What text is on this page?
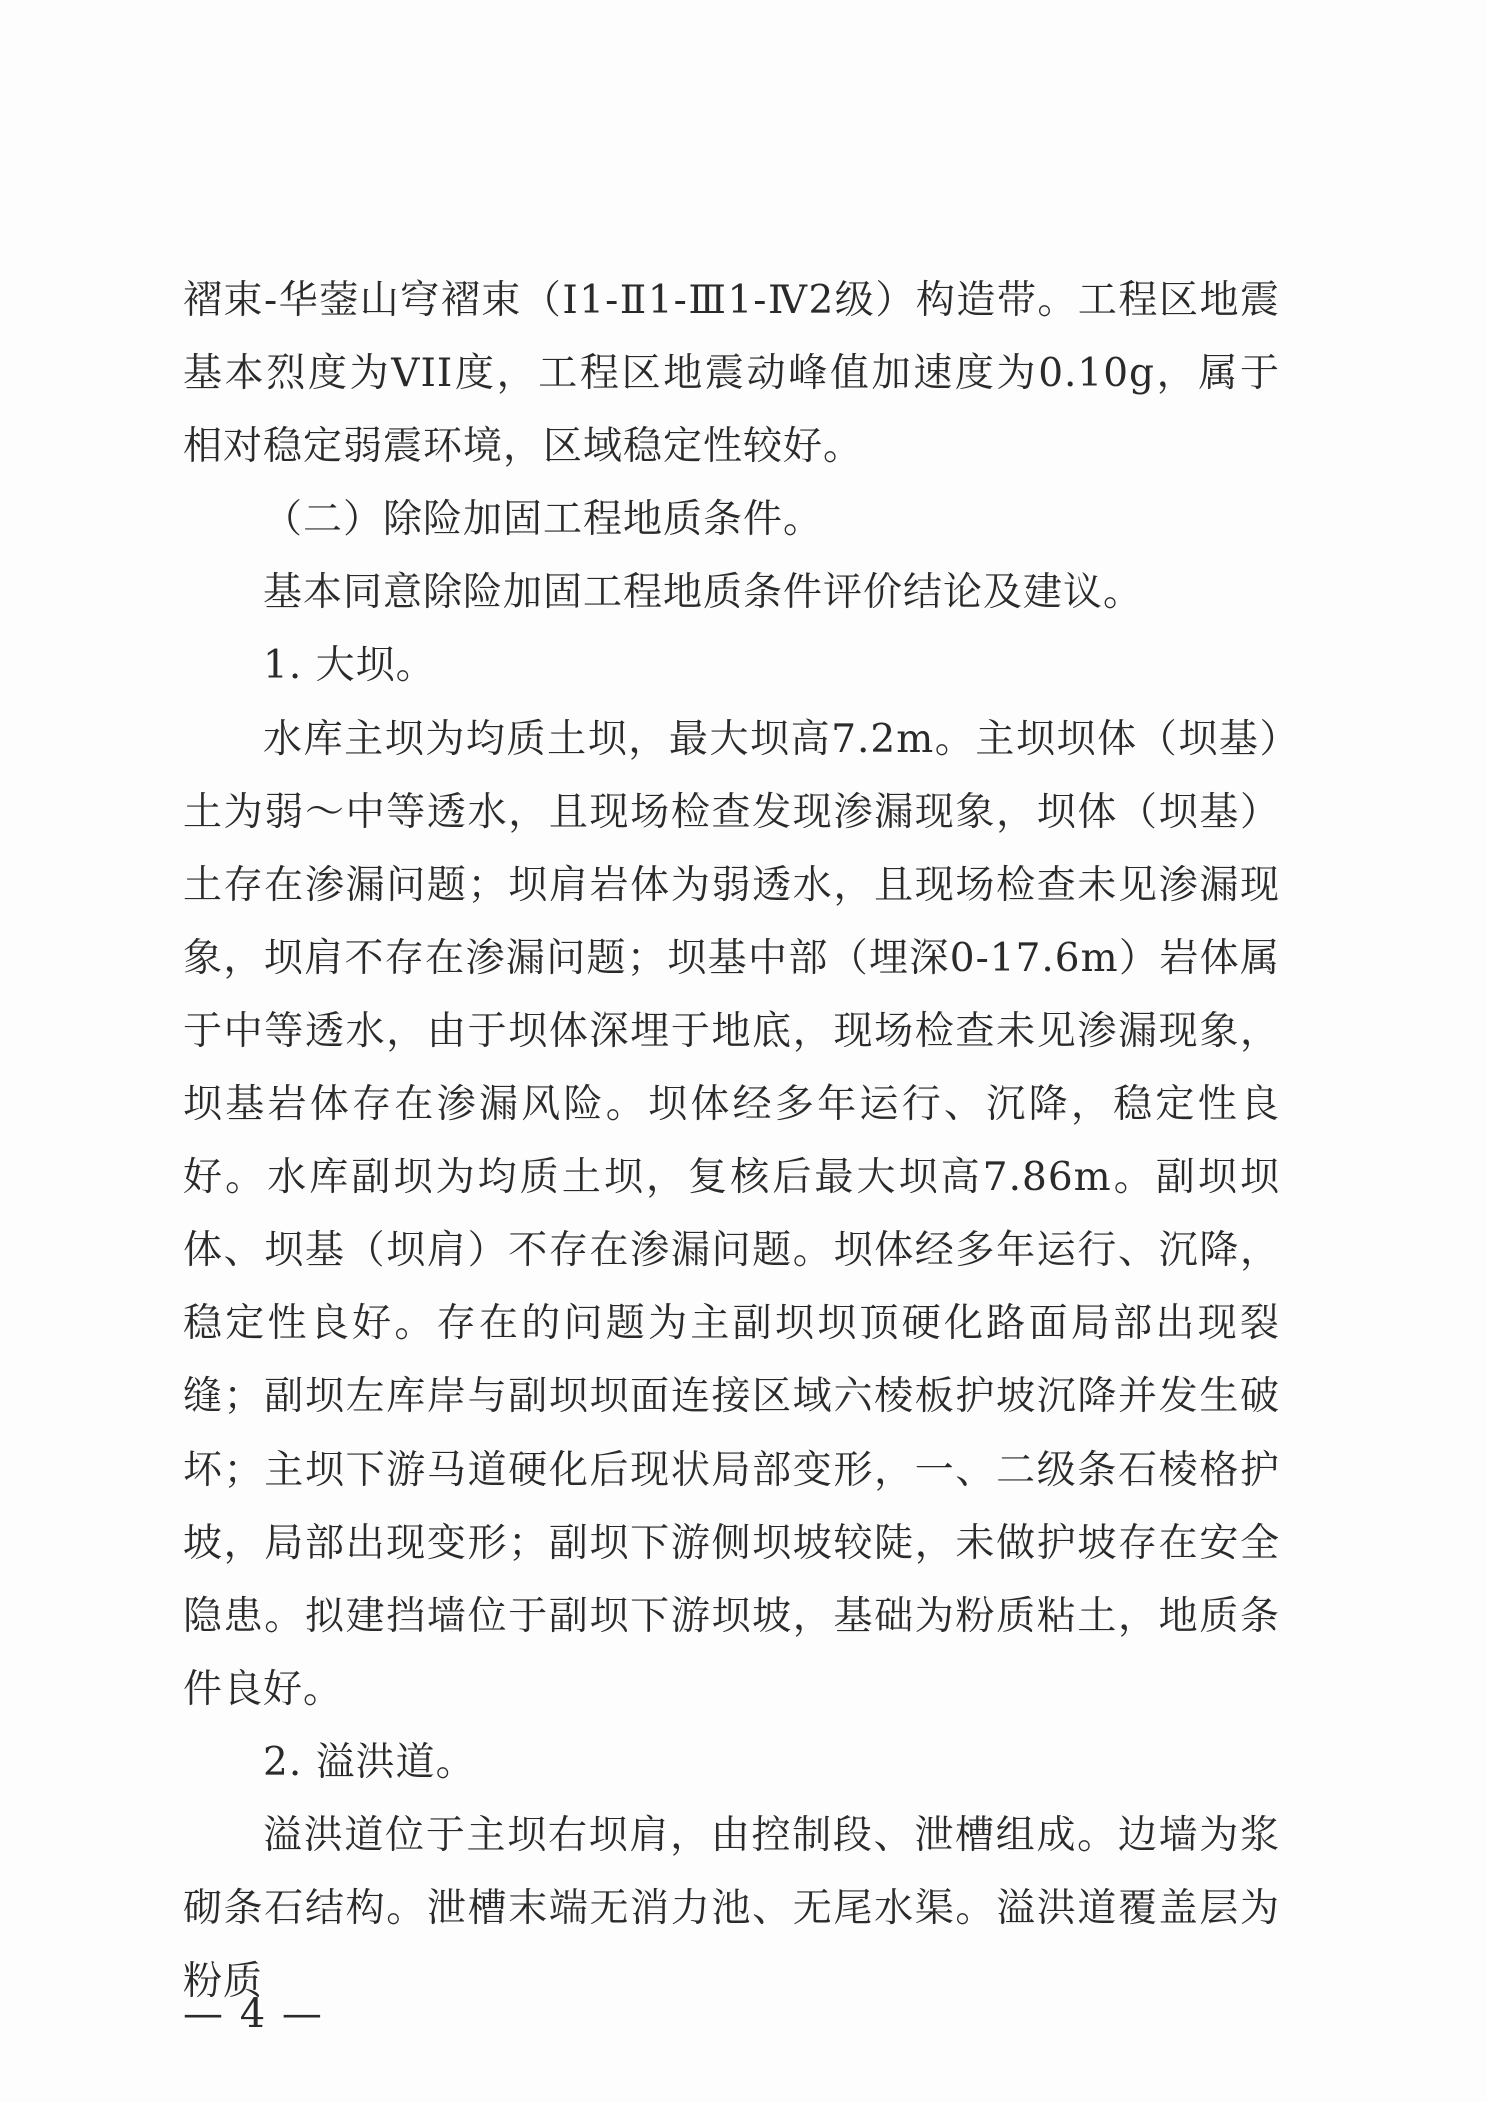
褶束-华蓥山穹褶束（Ⅰ1-Ⅱ1-Ⅲ1-Ⅳ2级）构造带。工程区地震基本烈度为VII度，工程区地震动峰值加速度为0.10g，属于相对稳定弱震环境，区域稳定性较好。

（二）除险加固工程地质条件。

基本同意除险加固工程地质条件评价结论及建议。

1. 大坝。

水库主坝为均质土坝，最大坝高7.2m。主坝坝体（坝基）土为弱～中等透水，且现场检查发现渗漏现象，坝体（坝基）土存在渗漏问题；坝肩岩体为弱透水，且现场检查未见渗漏现象，坝肩不存在渗漏问题；坝基中部（埋深0-17.6m）岩体属于中等透水，由于坝体深埋于地底，现场检查未见渗漏现象，坝基岩体存在渗漏风险。坝体经多年运行、沉降，稳定性良好。水库副坝为均质土坝，复核后最大坝高7.86m。副坝坝体、坝基（坝肩）不存在渗漏问题。坝体经多年运行、沉降，稳定性良好。存在的问题为主副坝坝顶硬化路面局部出现裂缝；副坝左库岸与副坝坝面连接区域六棱板护坡沉降并发生破坏；主坝下游马道硬化后现状局部变形，一、二级条石棱格护坡，局部出现变形；副坝下游侧坝坡较陡，未做护坡存在安全隐患。拟建挡墙位于副坝下游坝坡，基础为粉质粘土，地质条件良好。

2. 溢洪道。

溢洪道位于主坝右坝肩，由控制段、泄槽组成。边墙为浆砌条石结构。泄槽末端无消力池、无尾水渠。溢洪道覆盖层为粉质

— 4 —
